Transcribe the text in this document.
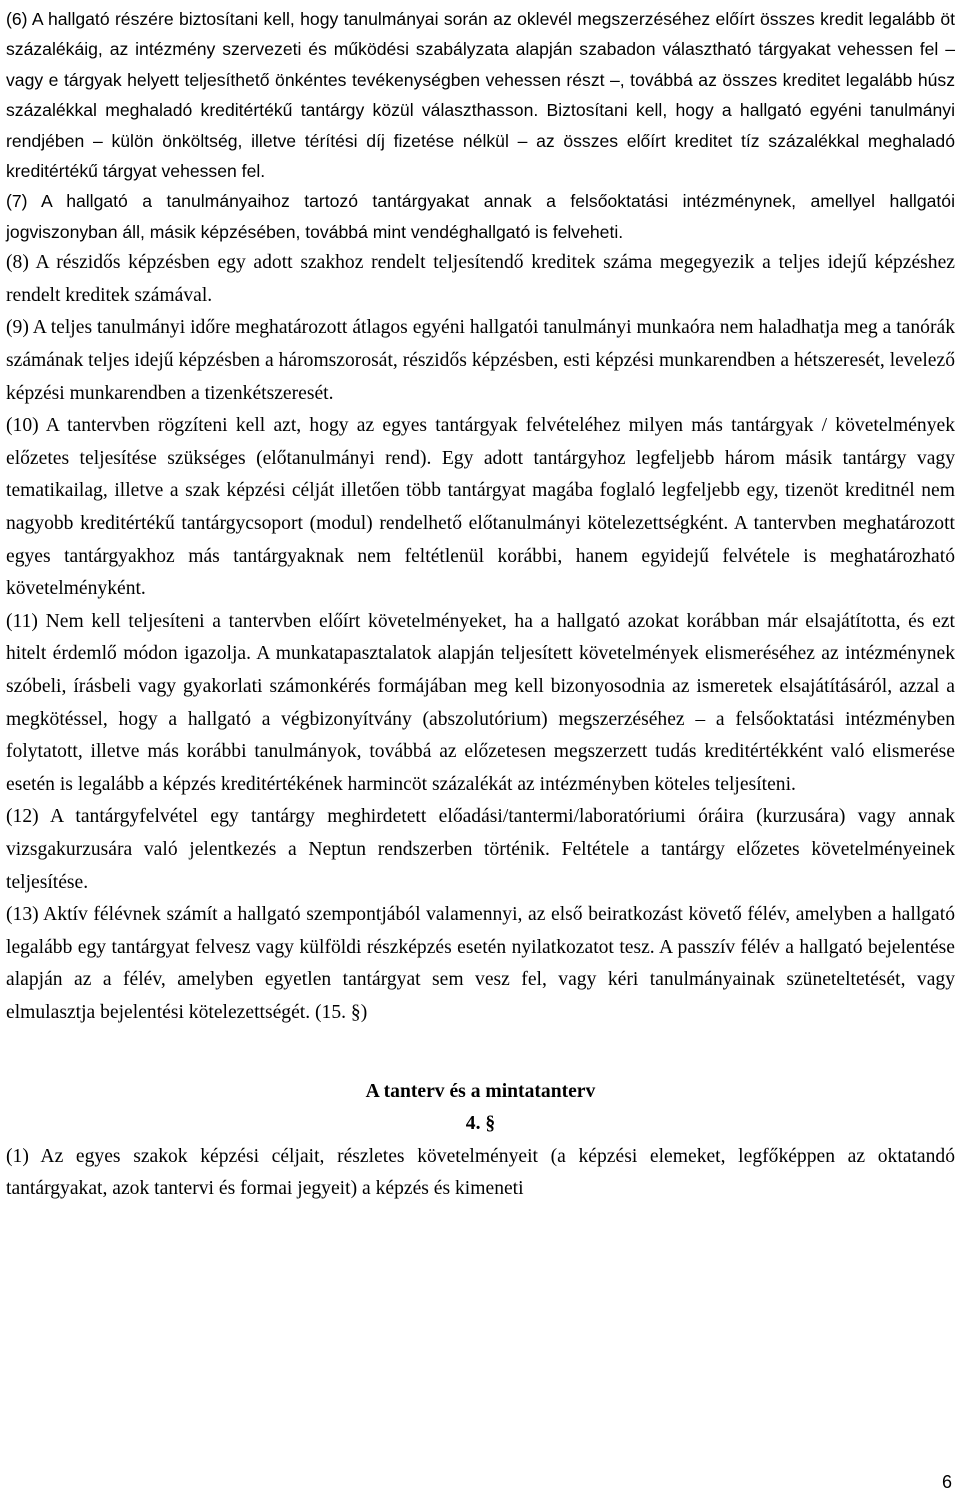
(6) A hallgató részére biztosítani kell, hogy tanulmányai során az oklevél megszerzéséhez előírt összes kredit legalább öt százalékáig, az intézmény szervezeti és működési szabályzata alapján szabadon választható tárgyakat vehessen fel – vagy e tárgyak helyett teljesíthető önkéntes tevékenységben vehessen részt –, továbbá az összes kreditet legalább húsz százalékkal meghaladó kreditértékű tantárgy közül választhasson. Biztosítani kell, hogy a hallgató egyéni tanulmányi rendjében – külön önköltség, illetve térítési díj fizetése nélkül – az összes előírt kreditet tíz százalékkal meghaladó kreditértékű tárgyat vehessen fel.

(7) A hallgató a tanulmányaihoz tartozó tantárgyakat annak a felsőoktatási intézménynek, amellyel hallgatói jogviszonyban áll, másik képzésében, továbbá mint vendéghallgató is felveheti.

(8) A részidős képzésben egy adott szakhoz rendelt teljesítendő kreditek száma megegyezik a teljes idejű képzéshez rendelt kreditek számával.

(9) A teljes tanulmányi időre meghatározott átlagos egyéni hallgatói tanulmányi munkaóra nem haladhatja meg a tanórák számának teljes idejű képzésben a háromszorosát, részidős képzésben, esti képzési munkarendben a hétszeresét, levelező képzési munkarendben a tizenkétszeresét.

(10) A tantervben rögzíteni kell azt, hogy az egyes tantárgyak felvételéhez milyen más tantárgyak / követelmények előzetes teljesítése szükséges (előtanulmányi rend). Egy adott tantárgyhoz legfeljebb három másik tantárgy vagy tematikailag, illetve a szak képzési célját illetően több tantárgyat magába foglaló legfeljebb egy, tizenöt kreditnél nem nagyobb kreditértékű tantárgycsoport (modul) rendelhető előtanulmányi kötelezettségként. A tantervben meghatározott egyes tantárgyakhoz más tantárgyaknak nem feltétlenül korábbi, hanem egyidejű felvétele is meghatározható követelményként.

(11) Nem kell teljesíteni a tantervben előírt követelményeket, ha a hallgató azokat korábban már elsajátította, és ezt hitelt érdemlő módon igazolja. A munkatapasztalatok alapján teljesített követelmények elismeréséhez az intézménynek szóbeli, írásbeli vagy gyakorlati számonkérés formájában meg kell bizonyosodnia az ismeretek elsajátításáról, azzal a megkötéssel, hogy a hallgató a végbizonyítvány (abszolutórium) megszerzéséhez – a felsőoktatási intézményben folytatott, illetve más korábbi tanulmányok, továbbá az előzetesen megszerzett tudás kreditértékként való elismerése esetén is legalább a képzés kreditértékének harmincöt százalékát az intézményben köteles teljesíteni.

(12) A tantárgyfelvétel egy tantárgy meghirdetett előadási/tantermi/laboratóriumi óráira (kurzusára) vagy annak vizsgakurzusára való jelentkezés a Neptun rendszerben történik. Feltétele a tantárgy előzetes követelményeinek teljesítése.

(13) Aktív félévnek számít a hallgató szempontjából valamennyi, az első beiratkozást követő félév, amelyben a hallgató legalább egy tantárgyat felvesz vagy külföldi részképzés esetén nyilatkozatot tesz. A passzív félév a hallgató bejelentése alapján az a félév, amelyben egyetlen tantárgyat sem vesz fel, vagy kéri tanulmányainak szüneteltetését, vagy elmulasztja bejelentési kötelezettségét. (15. §)

A tanterv és a mintatanterv

4. §

(1) Az egyes szakok képzési céljait, részletes követelményeit (a képzési elemeket, legfőképpen az oktatandó tantárgyakat, azok tantervi és formai jegyeit) a képzés és kimeneti

6
